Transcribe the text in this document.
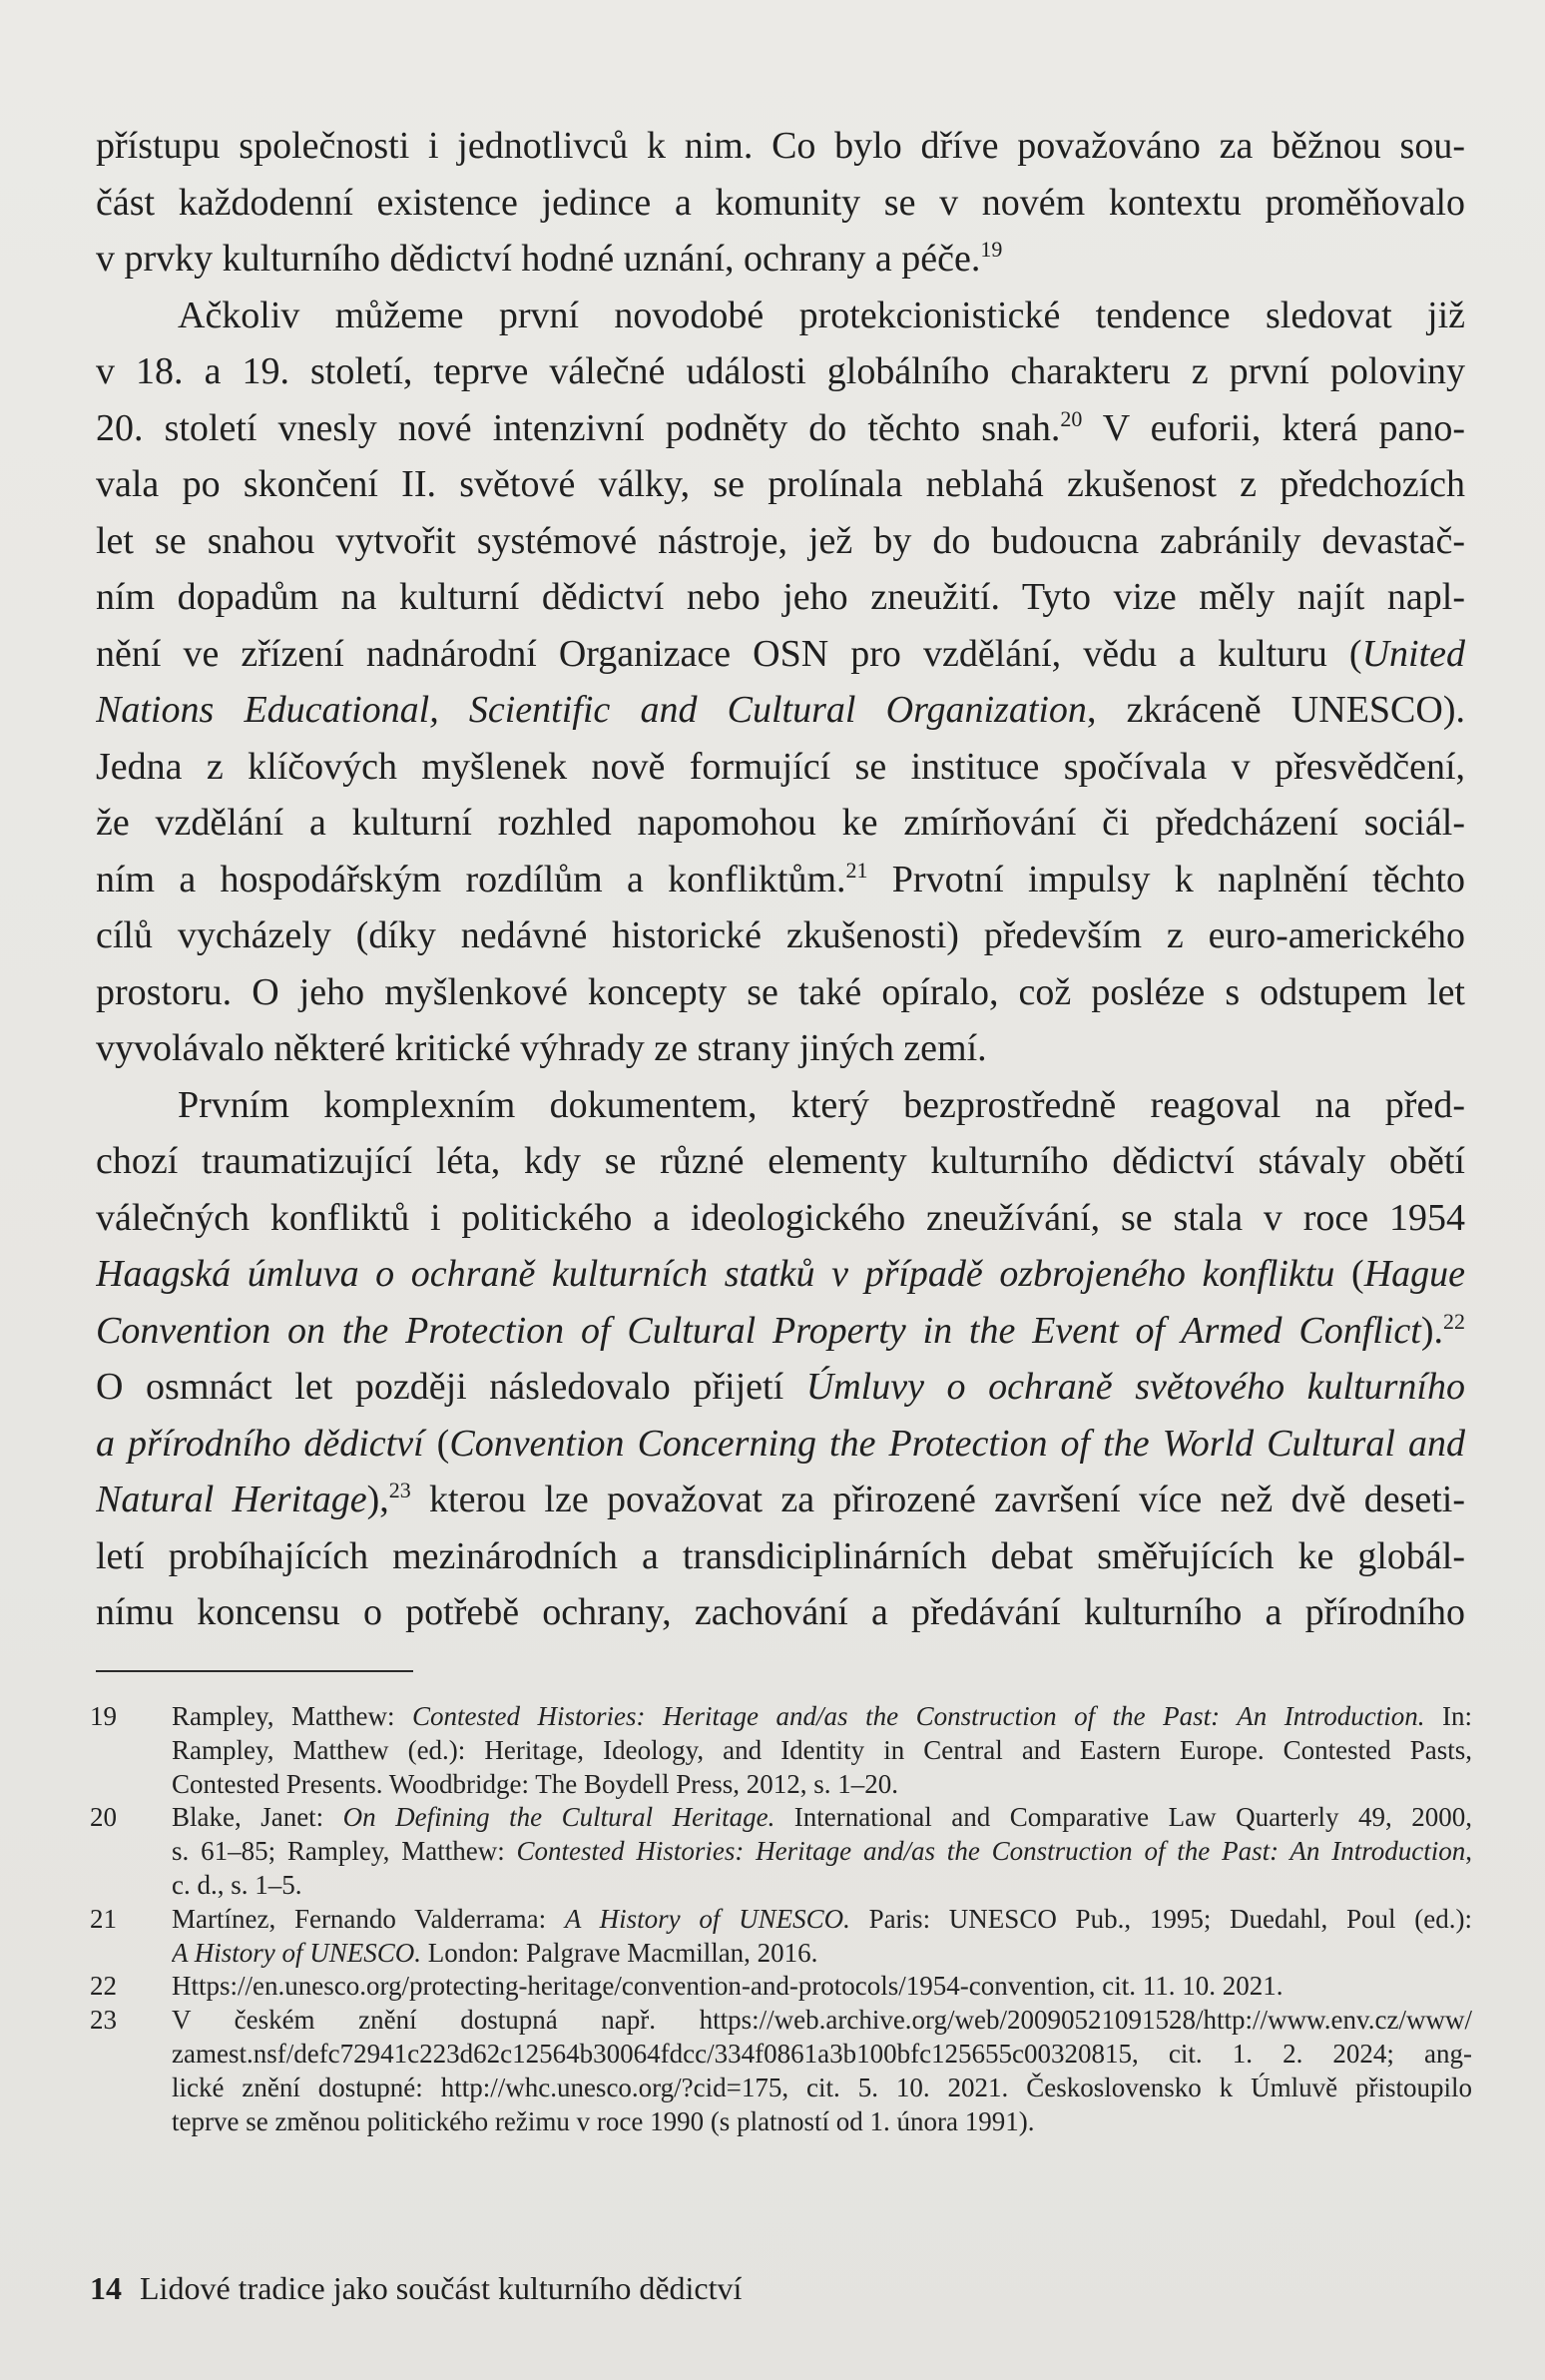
přístupu společnosti i jednotlivců k nim. Co bylo dříve považováno za běžnou sou-
část každodenní existence jedince a komunity se v novém kontextu proměňovalo
v prvky kulturního dědictví hodné uznání, ochrany a péče.$^{19}$
Ačkoliv můžeme první novodobé protekcionistické tendence sledovat již
v 18. a 19. století, teprve válečné události globálního charakteru z první poloviny
20. století vnesly nové intenzivní podněty do těchto snah.$^{20}$ V euforii, která pano-
vala po skončení II. světové války, se prolínala neblahá zkušenost z předchozích
let se snahou vytvořit systémové nástroje, jež by do budoucna zabránily devastač-
ním dopadům na kulturní dědictví nebo jeho zneužití. Tyto vize měly najít napl-
nění ve zřízení nadnárodní Organizace OSN pro vzdělání, vědu a kulturu (United
Nations Educational, Scientific and Cultural Organization, zkráceně UNESCO).
Jedna z klíčových myšlenek nově formující se instituce spočívala v přesvědčení,
že vzdělání a kulturní rozhled napomohou ke zmírňování či předcházení sociál-
ním a hospodářským rozdílům a konfliktům.$^{21}$ Prvotní impulsy k naplnění těchto
cílů vycházely (díky nedávné historické zkušenosti) především z euro-amerického
prostoru. O jeho myšlenkové koncepty se také opíralo, což posléze s odstupem let
vyvolávalo některé kritické výhrady ze strany jiných zemí.
Prvním komplexním dokumentem, který bezprostředně reagoval na před-
chozí traumatizující léta, kdy se různé elementy kulturního dědictví stávaly obětí
válečných konfliktů i politického a ideologického zneužívání, se stala v roce 1954
Haagská úmluva o ochraně kulturních statků v případě ozbrojeného konfliktu (Hague
Convention on the Protection of Cultural Property in the Event of Armed Conflict).$^{22}$
O osmnáct let později následovalo přijetí Úmluvy o ochraně světového kulturního
a přírodního dědictví (Convention Concerning the Protection of the World Cultural and
Natural Heritage),$^{23}$ kterou lze považovat za přirozené završení více než dvě deseti-
letí probíhajících mezinárodních a transdiciplinárních debat směřujících ke globál-
nímu koncensu o potřebě ochrany, zachování a předávání kulturního a přírodního
19	Rampley, Matthew: Contested Histories: Heritage and/as the Construction of the Past: An Introduction. In:
Rampley, Matthew (ed.): Heritage, Ideology, and Identity in Central and Eastern Europe. Contested Pasts,
Contested Presents. Woodbridge: The Boydell Press, 2012, s. 1–20.
20	Blake, Janet: On Defining the Cultural Heritage. International and Comparative Law Quarterly 49, 2000,
s. 61–85; Rampley, Matthew: Contested Histories: Heritage and/as the Construction of the Past: An Introduction,
c. d., s. 1–5.
21	Martínez, Fernando Valderrama: A History of UNESCO. Paris: UNESCO Pub., 1995; Duedahl, Poul (ed.):
A History of UNESCO. London: Palgrave Macmillan, 2016.
22	Https://en.unesco.org/protecting-heritage/convention-and-protocols/1954-convention, cit. 11. 10. 2021.
23	V českém znění dostupná např. https://web.archive.org/web/20090521091528/http://www.env.cz/www/
zamest.nsf/defc72941c223d62c12564b30064fdcc/334f0861a3b100bfc125655c00320815, cit. 1. 2. 2024; ang-
lické znění dostupné: http://whc.unesco.org/?cid=175, cit. 5. 10. 2021. Československo k Úmluvě přistoupilo
teprve se změnou politického režimu v roce 1990 (s platností od 1. února 1991).
14 Lidové tradice jako součást kulturního dědictví
